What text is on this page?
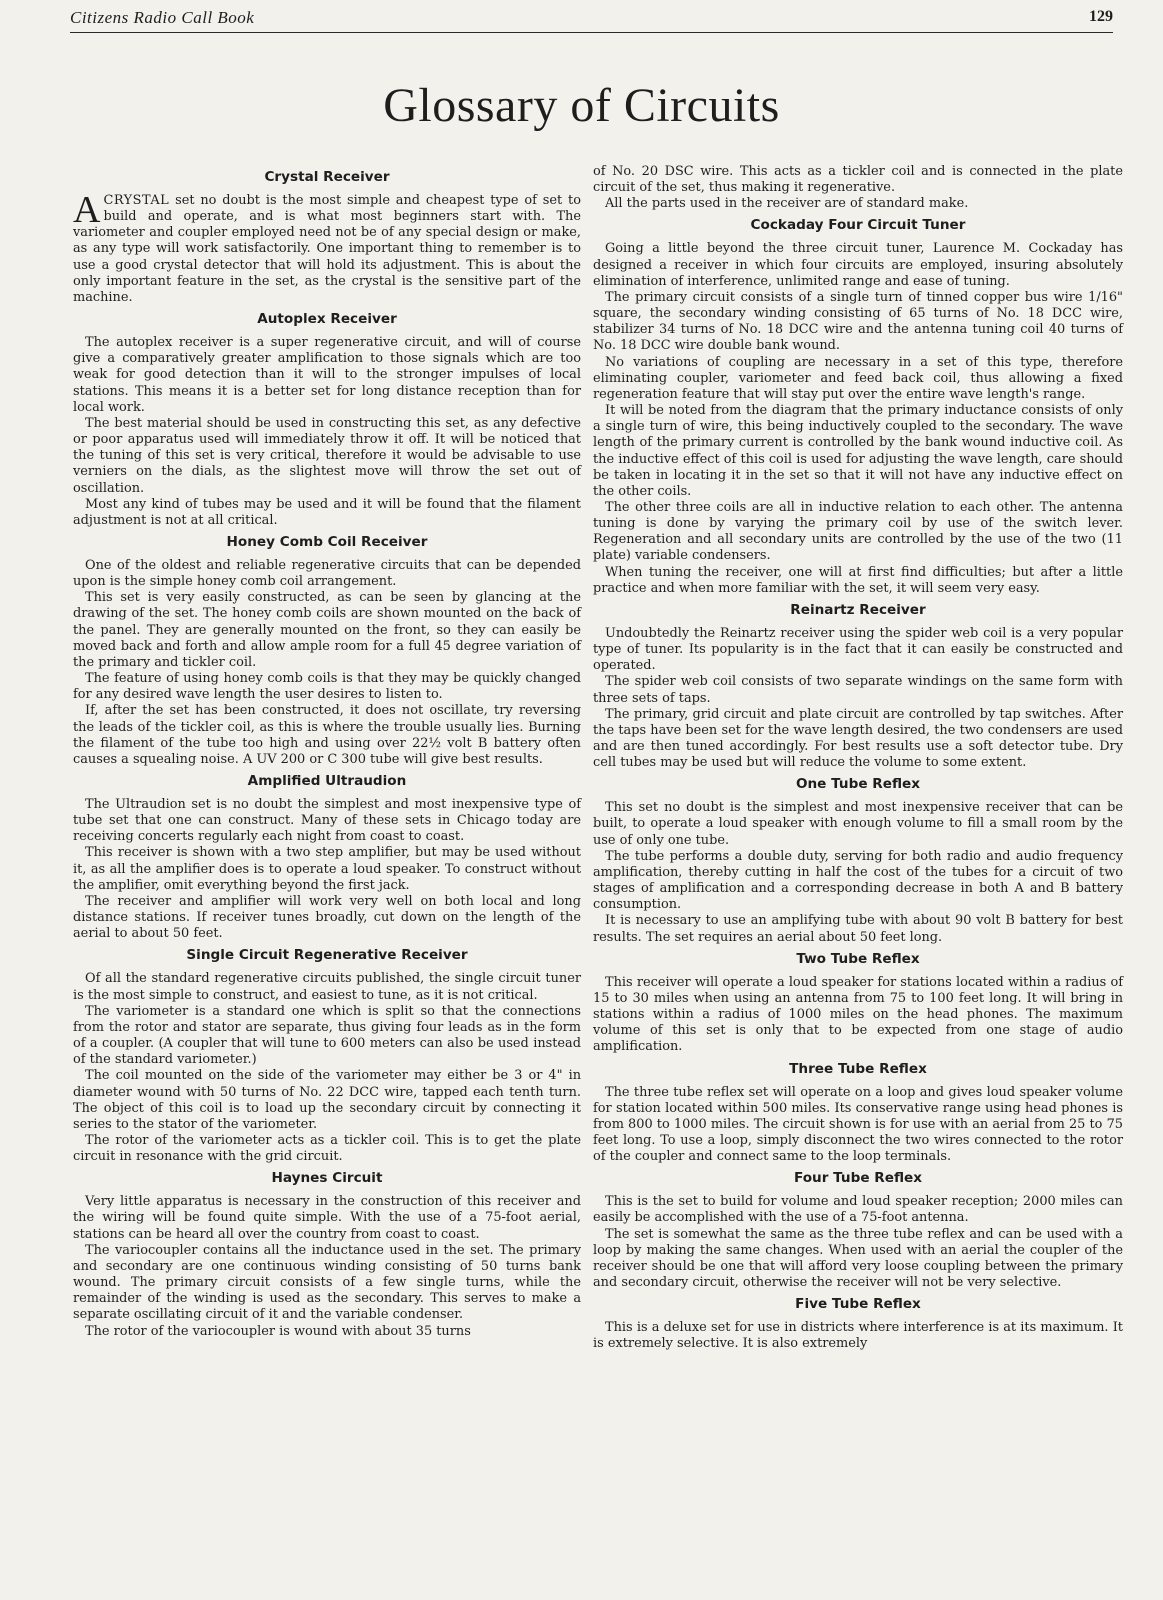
Citizens Radio Call Book	129
Glossary of Circuits
Crystal Receiver

ACRYSTAL set no doubt is the most simple and cheapest type of set to build and operate, and is what most beginners start with. The variometer and coupler employed need not be of any special design or make, as any type will work satisfactorily. One important thing to remember is to use a good crystal detector that will hold its adjustment. This is about the only important feature in the set, as the crystal is the sensitive part of the machine.

Autoplex Receiver

The autoplex receiver is a super regenerative circuit, and will of course give a comparatively greater amplification to those signals which are too weak for good detection than it will to the stronger impulses of local stations. This means it is a better set for long distance reception than for local work.

The best material should be used in constructing this set, as any defective or poor apparatus used will immediately throw it off. It will be noticed that the tuning of this set is very critical, therefore it would be advisable to use verniers on the dials, as the slightest move will throw the set out of oscillation.

Most any kind of tubes may be used and it will be found that the filament adjustment is not at all critical.

Honey Comb Coil Receiver

One of the oldest and reliable regenerative circuits that can be depended upon is the simple honey comb coil arrangement.

This set is very easily constructed, as can be seen by glancing at the drawing of the set. The honey comb coils are shown mounted on the back of the panel. They are generally mounted on the front, so they can easily be moved back and forth and allow ample room for a full 45 degree variation of the primary and tickler coil.

The feature of using honey comb coils is that they may be quickly changed for any desired wave length the user desires to listen to.

If, after the set has been constructed, it does not oscillate, try reversing the leads of the tickler coil, as this is where the trouble usually lies. Burning the filament of the tube too high and using over 22½ volt B battery often causes a squealing noise. A UV 200 or C 300 tube will give best results.

Amplified Ultraudion

The Ultraudion set is no doubt the simplest and most inexpensive type of tube set that one can construct. Many of these sets in Chicago today are receiving concerts regularly each night from coast to coast.

This receiver is shown with a two step amplifier, but may be used without it, as all the amplifier does is to operate a loud speaker. To construct without the amplifier, omit everything beyond the first jack.

The receiver and amplifier will work very well on both local and long distance stations. If receiver tunes broadly, cut down on the length of the aerial to about 50 feet.

Single Circuit Regenerative Receiver

Of all the standard regenerative circuits published, the single circuit tuner is the most simple to construct, and easiest to tune, as it is not critical.

The variometer is a standard one which is split so that the connections from the rotor and stator are separate, thus giving four leads as in the form of a coupler. (A coupler that will tune to 600 meters can also be used instead of the standard variometer.)

The coil mounted on the side of the variometer may either be 3 or 4" in diameter wound with 50 turns of No. 22 DCC wire, tapped each tenth turn. The object of this coil is to load up the secondary circuit by connecting it series to the stator of the variometer.

The rotor of the variometer acts as a tickler coil. This is to get the plate circuit in resonance with the grid circuit.

Haynes Circuit

Very little apparatus is necessary in the construction of this receiver and the wiring will be found quite simple. With the use of a 75-foot aerial, stations can be heard all over the country from coast to coast.

The variocoupler contains all the inductance used in the set. The primary and secondary are one continuous winding consisting of 50 turns bank wound. The primary circuit consists of a few single turns, while the remainder of the winding is used as the secondary. This serves to make a separate oscillating circuit of it and the variable condenser.

The rotor of the variocoupler is wound with about 35 turns

of No. 20 DSC wire. This acts as a tickler coil and is connected in the plate circuit of the set, thus making it regenerative.

All the parts used in the receiver are of standard make.

Cockaday Four Circuit Tuner

Going a little beyond the three circuit tuner, Laurence M. Cockaday has designed a receiver in which four circuits are employed, insuring absolutely elimination of interference, unlimited range and ease of tuning.

The primary circuit consists of a single turn of tinned copper bus wire 1/16" square, the secondary winding consisting of 65 turns of No. 18 DCC wire, stabilizer 34 turns of No. 18 DCC wire and the antenna tuning coil 40 turns of No. 18 DCC wire double bank wound.

No variations of coupling are necessary in a set of this type, therefore eliminating coupler, variometer and feed back coil, thus allowing a fixed regeneration feature that will stay put over the entire wave length's range.

It will be noted from the diagram that the primary inductance consists of only a single turn of wire, this being inductively coupled to the secondary. The wave length of the primary current is controlled by the bank wound inductive coil. As the inductive effect of this coil is used for adjusting the wave length, care should be taken in locating it in the set so that it will not have any inductive effect on the other coils.

The other three coils are all in inductive relation to each other. The antenna tuning is done by varying the primary coil by use of the switch lever. Regeneration and all secondary units are controlled by the use of the two (11 plate) variable condensers.

When tuning the receiver, one will at first find difficulties; but after a little practice and when more familiar with the set, it will seem very easy.

Reinartz Receiver

Undoubtedly the Reinartz receiver using the spider web coil is a very popular type of tuner. Its popularity is in the fact that it can easily be constructed and operated.

The spider web coil consists of two separate windings on the same form with three sets of taps.

The primary, grid circuit and plate circuit are controlled by tap switches. After the taps have been set for the wave length desired, the two condensers are used and are then tuned accordingly. For best results use a soft detector tube. Dry cell tubes may be used but will reduce the volume to some extent.

One Tube Reflex

This set no doubt is the simplest and most inexpensive receiver that can be built, to operate a loud speaker with enough volume to fill a small room by the use of only one tube.

The tube performs a double duty, serving for both radio and audio frequency amplification, thereby cutting in half the cost of the tubes for a circuit of two stages of amplification and a corresponding decrease in both A and B battery consumption.

It is necessary to use an amplifying tube with about 90 volt B battery for best results. The set requires an aerial about 50 feet long.

Two Tube Reflex

This receiver will operate a loud speaker for stations located within a radius of 15 to 30 miles when using an antenna from 75 to 100 feet long. It will bring in stations within a radius of 1000 miles on the head phones. The maximum volume of this set is only that to be expected from one stage of audio amplification.

Three Tube Reflex

The three tube reflex set will operate on a loop and gives loud speaker volume for station located within 500 miles. Its conservative range using head phones is from 800 to 1000 miles. The circuit shown is for use with an aerial from 25 to 75 feet long. To use a loop, simply disconnect the two wires connected to the rotor of the coupler and connect same to the loop terminals.

Four Tube Reflex

This is the set to build for volume and loud speaker reception; 2000 miles can easily be accomplished with the use of a 75-foot antenna.

The set is somewhat the same as the three tube reflex and can be used with a loop by making the same changes. When used with an aerial the coupler of the receiver should be one that will afford very loose coupling between the primary and secondary circuit, otherwise the receiver will not be very selective.

Five Tube Reflex

This is a deluxe set for use in districts where interference is at its maximum. It is extremely selective. It is also extremely
